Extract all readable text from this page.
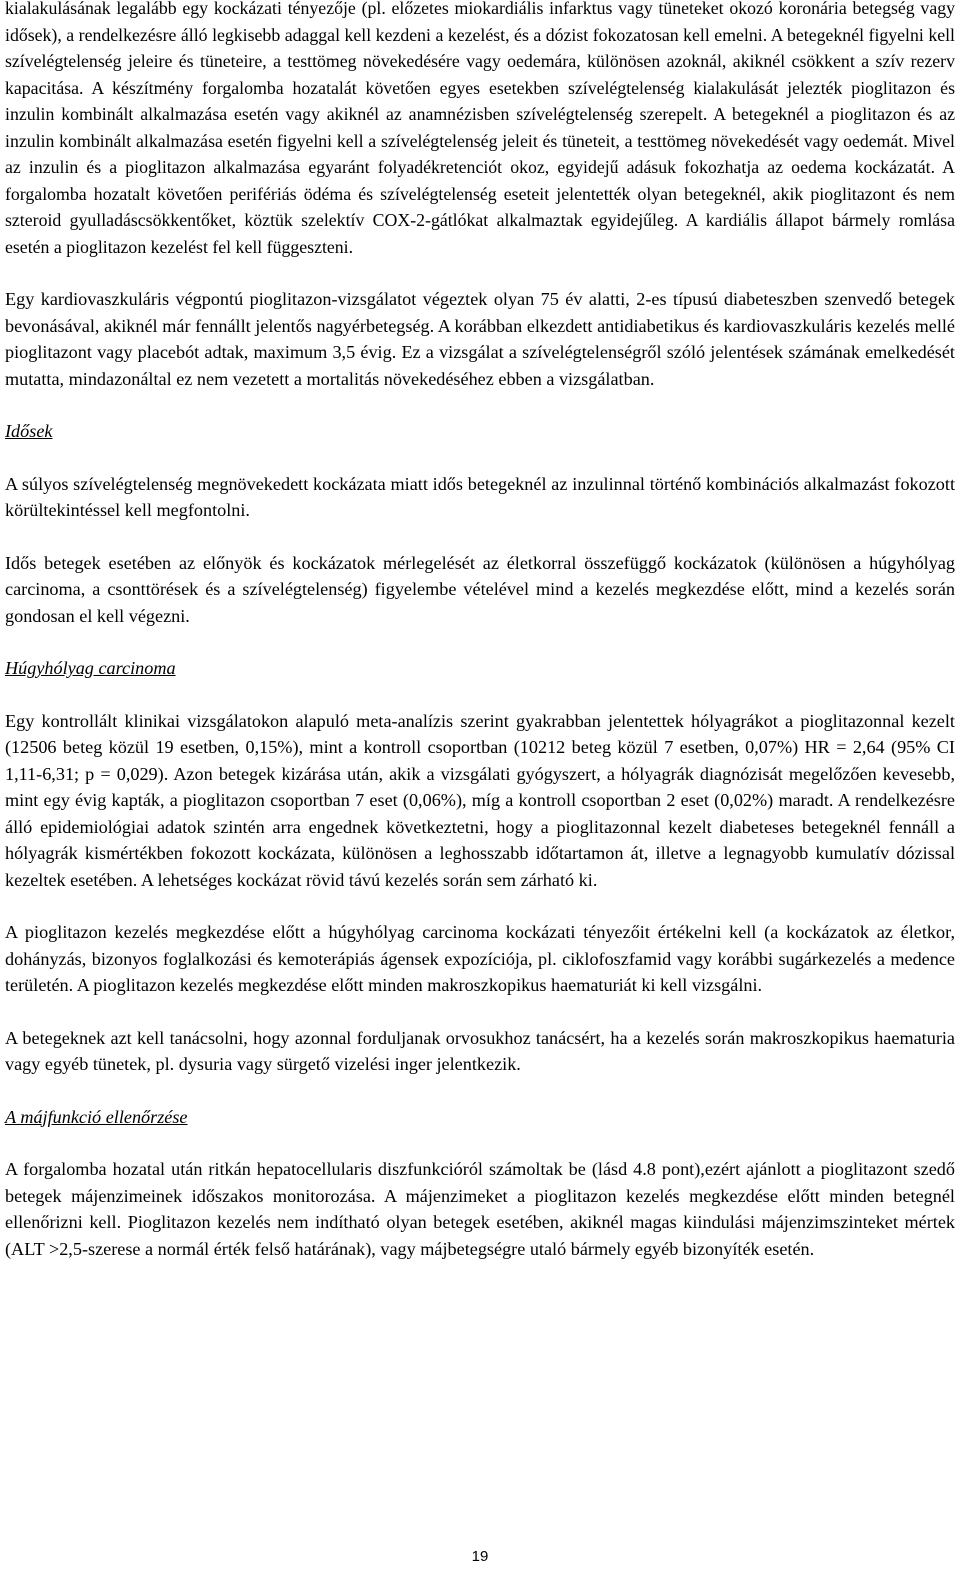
kialakulásának legalább egy kockázati tényezője (pl. előzetes miokardiális infarktus vagy tüneteket okozó koronária betegség vagy idősek), a rendelkezésre álló legkisebb adaggal kell kezdeni a kezelést, és a dózist fokozatosan kell emelni. A betegeknél figyelni kell szívelégtelenség jeleire és tüneteire, a testtömeg növekedésére vagy oedemára, különösen azoknál, akiknél csökkent a szív rezerv kapacitása. A készítmény forgalomba hozatalát követően egyes esetekben szívelégtelenség kialakulását jelezték pioglitazon és inzulin kombinált alkalmazása esetén vagy akiknél az anamnézisben szívelégtelenség szerepelt. A betegeknél a pioglitazon és az inzulin kombinált alkalmazása esetén figyelni kell a szívelégtelenség jeleit és tüneteit, a testtömeg növekedését vagy oedemát. Mivel az inzulin és a pioglitazon alkalmazása egyaránt folyadékretenciót okoz, egyidejű adásuk fokozhatja az oedema kockázatát. A forgalomba hozatalt követően perifériás ödéma és szívelégtelenség eseteit jelentették olyan betegeknél, akik pioglitazont és nem szteroid gyulladáscsökkentőket, köztük szelektív COX-2-gátlókat alkalmaztak egyidejűleg. A kardiális állapot bármely romlása esetén a pioglitazon kezelést fel kell függeszteni.

Egy kardiovaszkuláris végpontú pioglitazon-vizsgálatot végeztek olyan 75 év alatti, 2-es típusú diabeteszben szenvedő betegek bevonásával, akiknél már fennállt jelentős nagyérbetegség. A korábban elkezdett antidiabetikus és kardiovaszkuláris kezelés mellé pioglitazont vagy placebót adtak, maximum 3,5 évig. Ez a vizsgálat a szívelégtelenségről szóló jelentések számának emelkedését mutatta, mindazonáltal ez nem vezetett a mortalitás növekedéséhez ebben a vizsgálatban.

Idősek

A súlyos szívelégtelenség megnövekedett kockázata miatt idős betegeknél az inzulinnal történő kombinációs alkalmazást fokozott körültekintéssel kell megfontolni.

Idős betegek esetében az előnyök és kockázatok mérlegelését az életkorral összefüggő kockázatok (különösen a húgyhólyag carcinoma, a csonttörések és a szívelégtelenség) figyelembe vételével mind a kezelés megkezdése előtt, mind a kezelés során gondosan el kell végezni.

Húgyhólyag carcinoma

Egy kontrollált klinikai vizsgálatokon alapuló meta-analízis szerint gyakrabban jelentettek hólyagrákot a pioglitazonnal kezelt (12506 beteg közül 19 esetben, 0,15%), mint a kontroll csoportban (10212 beteg közül 7 esetben, 0,07%) HR = 2,64 (95% CI 1,11-6,31; p = 0,029). Azon betegek kizárása után, akik a vizsgálati gyógyszert, a hólyagrák diagnózisát megelőzően kevesebb, mint egy évig kapták, a pioglitazon csoportban 7 eset (0,06%), míg a kontroll csoportban 2 eset (0,02%) maradt. A rendelkezésre álló epidemiológiai adatok szintén arra engednek következtetni, hogy a pioglitazonnal kezelt diabeteses betegeknél fennáll a hólyagrák kismértékben fokozott kockázata, különösen a leghosszabb időtartamon át, illetve a legnagyobb kumulatív dózissal kezeltek esetében. A lehetséges kockázat rövid távú kezelés során sem zárható ki.

A pioglitazon kezelés megkezdése előtt a húgyhólyag carcinoma kockázati tényezőit értékelni kell (a kockázatok az életkor, dohányzás, bizonyos foglalkozási és kemoterápiás ágensek expozíciója, pl. ciklofoszfamid vagy korábbi sugárkezelés a medence területén. A pioglitazon kezelés megkezdése előtt minden makroszkopikus haematuriát ki kell vizsgálni.

A betegeknek azt kell tanácsolni, hogy azonnal forduljanak orvosukhoz tanácsért, ha a kezelés során makroszkopikus haematuria vagy egyéb tünetek, pl. dysuria vagy sürgető vizelési inger jelentkezik.

A májfunkció ellenőrzése

A forgalomba hozatal után ritkán hepatocellularis diszfunkcióról számoltak be (lásd 4.8 pont),ezért ajánlott a pioglitazont szedő betegek májenzimeinek időszakos monitorozása. A májenzimeket a pioglitazon kezelés megkezdése előtt minden betegnél ellenőrizni kell. Pioglitazon kezelés nem indítható olyan betegek esetében, akiknél magas kiindulási májenzimszinteket mértek (ALT >2,5-szerese a normál érték felső határának), vagy májbetegségre utaló bármely egyéb bizonyíték esetén.

19
